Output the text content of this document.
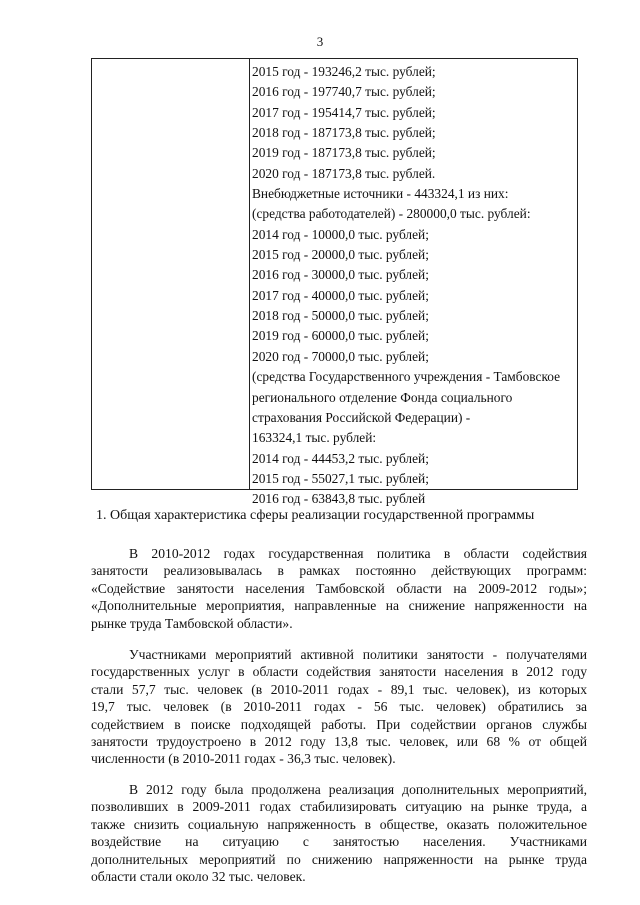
3
2015 год - 193246,2 тыс. рублей;
2016 год - 197740,7 тыс. рублей;
2017 год - 195414,7 тыс. рублей;
2018 год - 187173,8 тыс. рублей;
2019 год - 187173,8 тыс. рублей;
2020 год - 187173,8 тыс. рублей.
Внебюджетные источники - 443324,1 из них:
(средства работодателей) - 280000,0 тыс. рублей:
2014 год - 10000,0 тыс. рублей;
2015 год - 20000,0 тыс. рублей;
2016 год - 30000,0 тыс. рублей;
2017 год - 40000,0 тыс. рублей;
2018 год - 50000,0 тыс. рублей;
2019 год - 60000,0 тыс. рублей;
2020 год - 70000,0 тыс. рублей;
(средства Государственного учреждения - Тамбовское
регионального отделение Фонда социального
страхования Российской Федерации) -
163324,1 тыс. рублей:
2014 год - 44453,2 тыс. рублей;
2015 год - 55027,1 тыс. рублей;
2016 год - 63843,8 тыс. рублей
1. Общая характеристика сферы реализации государственной программы
В 2010-2012 годах государственная политика в области содействия
занятости реализовывалась в рамках постоянно действующих программ:
«Содействие занятости населения Тамбовской области на 2009-2012 годы»;
«Дополнительные мероприятия, направленные на снижение напряженности на
рынке труда Тамбовской области».
Участниками мероприятий активной политики занятости - получателями
государственных услуг в области содействия занятости населения в 2012 году
стали 57,7 тыс. человек (в 2010-2011 годах - 89,1 тыс. человек), из которых
19,7 тыс. человек (в 2010-2011 годах - 56 тыс. человек) обратились за
содействием в поиске подходящей работы. При содействии органов службы
занятости трудоустроено в 2012 году 13,8 тыс. человек, или 68 % от общей
численности (в 2010-2011 годах - 36,3 тыс. человек).
В 2012 году была продолжена реализация дополнительных мероприятий,
позволивших в 2009-2011 годах стабилизировать ситуацию на рынке труда, а
также снизить социальную напряженность в обществе, оказать положительное
воздействие на ситуацию с занятостью населения. Участниками
дополнительных мероприятий по снижению напряженности на рынке труда
области стали около 32 тыс. человек.
